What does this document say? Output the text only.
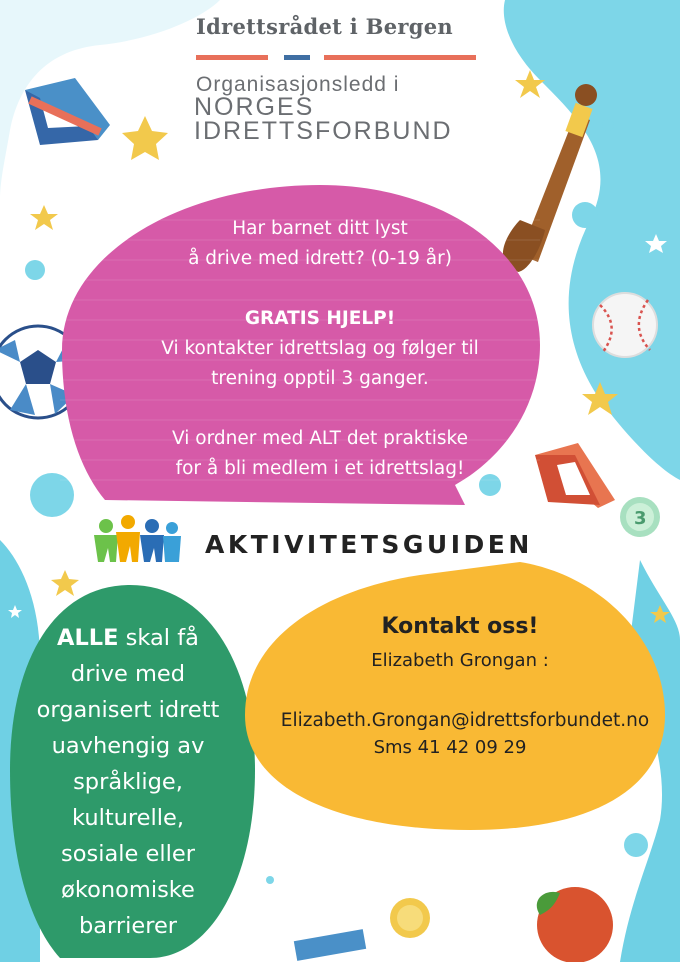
3
Idrettsrådet i Bergen
Organisasjonsledd i
NORGES
IDRETTSFORBUND

Har barnet ditt lyst

å drive med idrett? (0-19 år)

GRATIS HJELP!

Vi kontakter idrettslag og følger til

trening opptil 3 ganger.

Vi ordner med ALT det praktiske

for å bli medlem i et idrettslag!

AKTIVITETSGUIDEN

ALLE skal få

drive med

organisert idrett

uavhengig av

språklige,

kulturelle,

sosiale eller

økonomiske

barrierer

Kontakt oss!
Elizabeth Grongan :
Elizabeth.Grongan@idrettsforbundet.no
Sms 41 42 09 29
